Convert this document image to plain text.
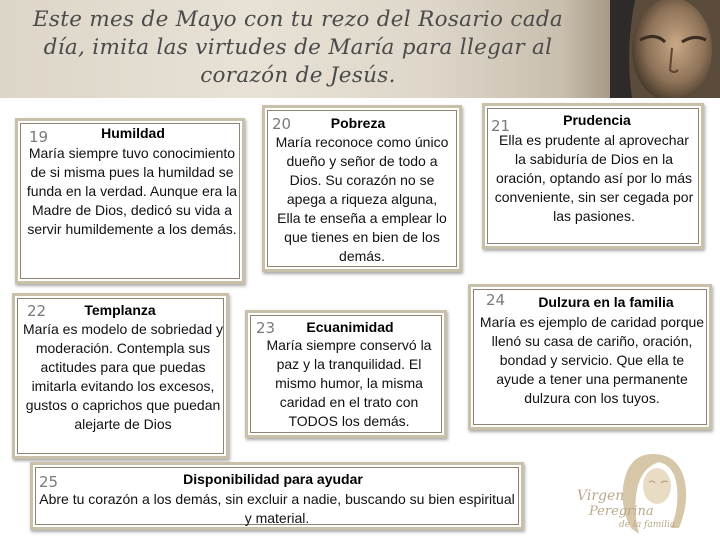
Este mes de Mayo con tu rezo del Rosario cada día, imita las virtudes de María para llegar al corazón de Jesús.
19	Humildad
María siempre tuvo conocimiento de si misma pues la humildad se funda en la verdad. Aunque era la Madre de Dios, dedicó su vida a servir humildemente a los demás.
20	Pobreza
María reconoce como único dueño y señor de todo a Dios. Su corazón no se apega a riqueza alguna, Ella te enseña a emplear lo que tienes en bien de los demás.
21	Prudencia
Ella es prudente al aprovechar la sabiduría de Dios en la oración, optando así por lo más conveniente, sin ser cegada por las pasiones.
22	Templanza
María es modelo de sobriedad y moderación. Contempla sus actitudes para que puedas imitarla evitando los excesos, gustos o caprichos que puedan alejarte de Dios
23	Ecuanimidad
María siempre conservó la paz y la tranquilidad. El mismo humor, la misma caridad en el trato con TODOS los demás.
24	Dulzura en la familia
María es ejemplo de caridad porque llenó su casa de cariño, oración, bondad y servicio. Que ella te ayude a tener una permanente dulzura con los tuyos.
25	Disponibilidad para ayudar
Abre tu corazón a los demás, sin excluir a nadie, buscando su bien espiritual y material.
Virgen
Peregrina
de la familia
